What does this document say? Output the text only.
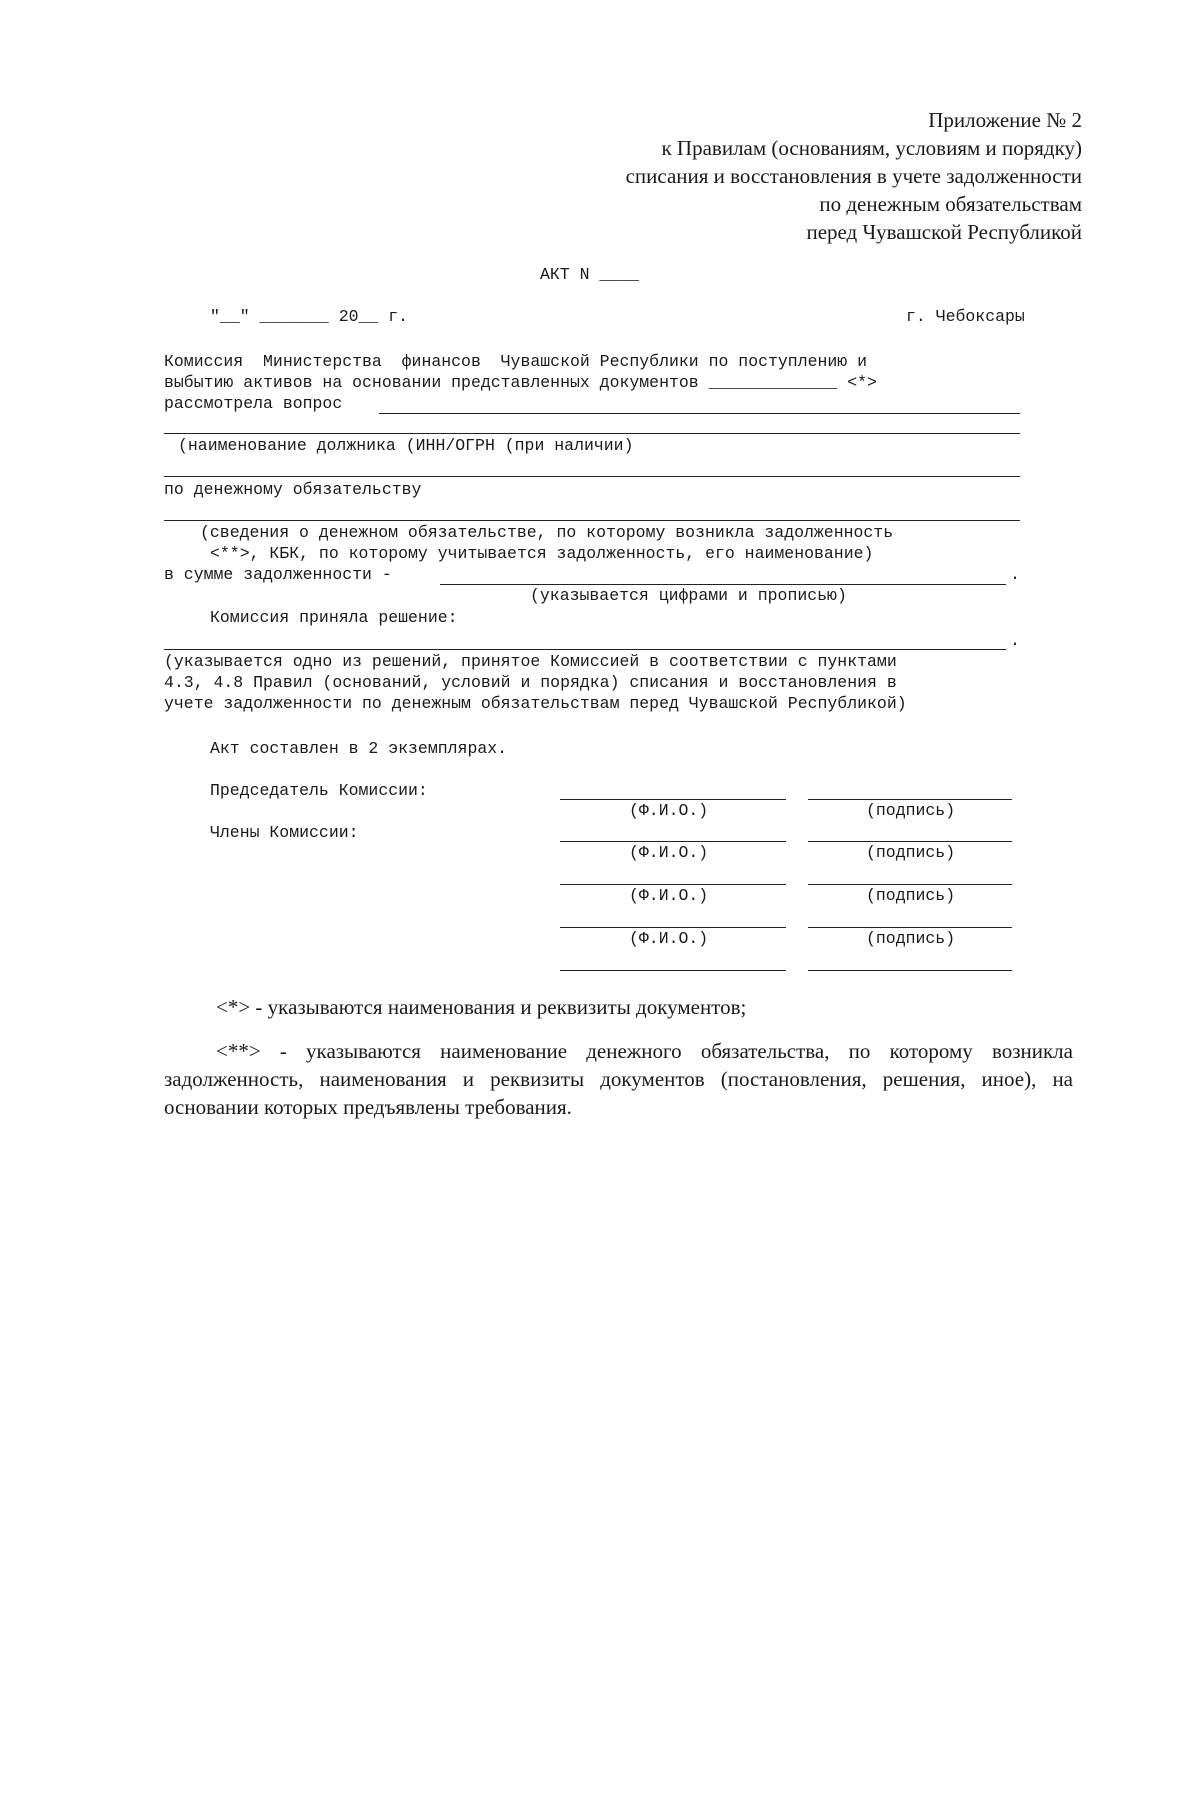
Приложение № 2
к Правилам (основаниям, условиям и порядку)
списания и восстановления в учете задолженности
по денежным обязательствам
перед Чувашской Республикой
АКТ N ____
"__" _______ 20__ г.	г. Чебоксары
Комиссия  Министерства  финансов  Чувашской Республики по поступлению и
выбытию активов на основании представленных документов _____________ <*>
рассмотрела вопрос
(наименование должника (ИНН/ОГРН (при наличии)
по денежному обязательству
(сведения о денежном обязательстве, по которому возникла задолженность
<**>, КБК, по которому учитывается задолженность, его наименование)
в сумме задолженности -	.
(указывается цифрами и прописью)
Комиссия приняла решение:
.
(указывается одно из решений, принятое Комиссией в соответствии с пунктами
4.3, 4.8 Правил (оснований, условий и порядка) списания и восстановления в
учете задолженности по денежным обязательствам перед Чувашской Республикой)
Акт составлен в 2 экземплярах.
Председатель Комиссии:
Члены Комиссии:
(Ф.И.О.)	(подпись)
(Ф.И.О.)	(подпись)
(Ф.И.О.)	(подпись)
(Ф.И.О.)	(подпись)
<*> - указываются наименования и реквизиты документов;
<**> - указываются наименование денежного обязательства, по которому возникла задолженность, наименования и реквизиты документов (постановления, решения, иное), на основании которых предъявлены требования.
